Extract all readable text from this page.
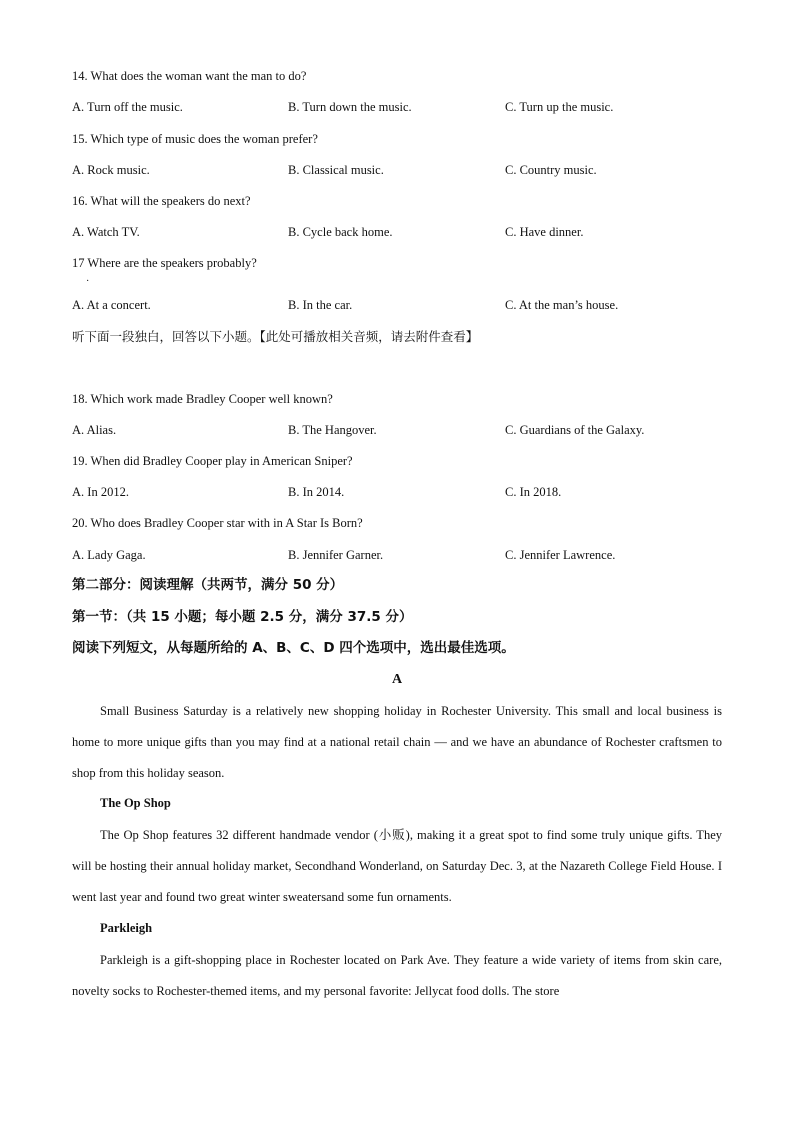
14. What does the woman want the man to do?
A. Turn off the music.	B. Turn down the music.	C. Turn up the music.
15. Which type of music does the woman prefer?
A. Rock music.	B. Classical music.	C. Country music.
16. What will the speakers do next?
A. Watch TV.	B. Cycle back home.	C. Have dinner.
17 Where are the speakers probably?
·
A. At a concert.	B. In the car.	C. At the man’s house.
听下面一段独白，回答以下小题。【此处可播放相关音频，请去附件查看】
18. Which work made Bradley Cooper well known?
A. Alias.	B. The Hangover.	C. Guardians of the Galaxy.
19. When did Bradley Cooper play in American Sniper?
A. In 2012.	B. In 2014.	C. In 2018.
20. Who does Bradley Cooper star with in A Star Is Born?
A. Lady Gaga.	B. Jennifer Garner.	C. Jennifer Lawrence.
第二部分：阅读理解（共两节，满分 50 分）
第一节：（共 15 小题；每小题 2.5 分，满分 37.5 分）
阅读下列短文，从每题所给的 A、B、C、D 四个选项中，选出最佳选项。
A
Small Business Saturday is a relatively new shopping holiday in Rochester University. This small and local business is home to more unique gifts than you may find at a national retail chain — and we have an abundance of Rochester craftsmen to shop from this holiday season.
The Op Shop
The Op Shop features 32 different handmade vendor (小贩), making it a great spot to find some truly unique gifts. They will be hosting their annual holiday market, Secondhand Wonderland, on Saturday Dec. 3, at the Nazareth College Field House. I went last year and found two great winter sweatersand some fun ornaments.
Parkleigh
Parkleigh is a gift-shopping place in Rochester located on Park Ave. They feature a wide variety of items from skin care, novelty socks to Rochester-themed items, and my personal favorite: Jellycat food dolls. The store
